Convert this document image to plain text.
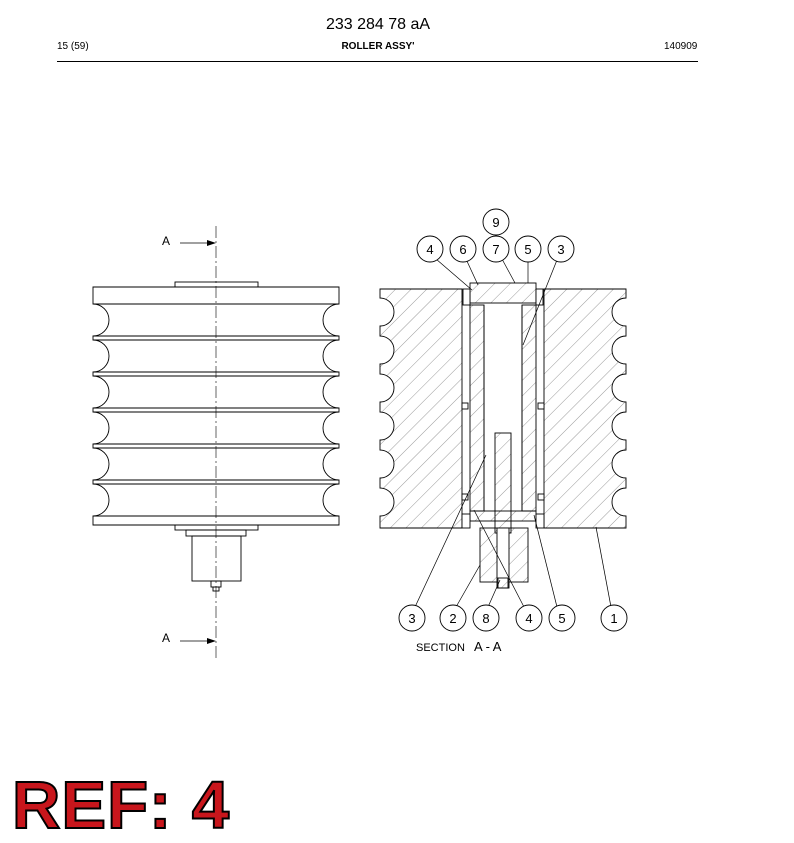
233 284 78 aA
15 (59)	ROLLER ASSY'	140909
A
A
4 6 7
9
5 3
3	2 8	4 5	1
SECTION A - A
REF: 4
